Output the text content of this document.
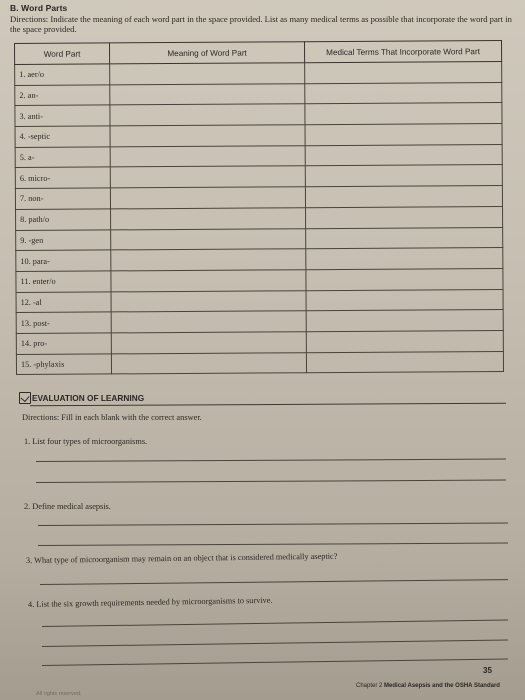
B. Word Parts
Directions: Indicate the meaning of each word part in the space provided. List as many medical terms as possible that incorporate the word part in the space provided.
Word Part	Meaning of Word Part	Medical Terms That Incorporate Word Part
1. aer/o		
2. an-		
3. anti-		
4. -septic		
5. a-		
6. micro-		
7. non-		
8. path/o		
9. -gen		
10. para-		
11. enter/o		
12. -al		
13. post-		
14. pro-		
15. -phylaxis		
EVALUATION OF LEARNING
Directions: Fill in each blank with the correct answer.
1. List four types of microorganisms.
2. Define medical asepsis.
3. What type of microorganism may remain on an object that is considered medically aseptic?
4. List the six growth requirements needed by microorganisms to survive.
35
Chapter 2 Medical Asepsis and the OSHA Standard
All rights reserved.
